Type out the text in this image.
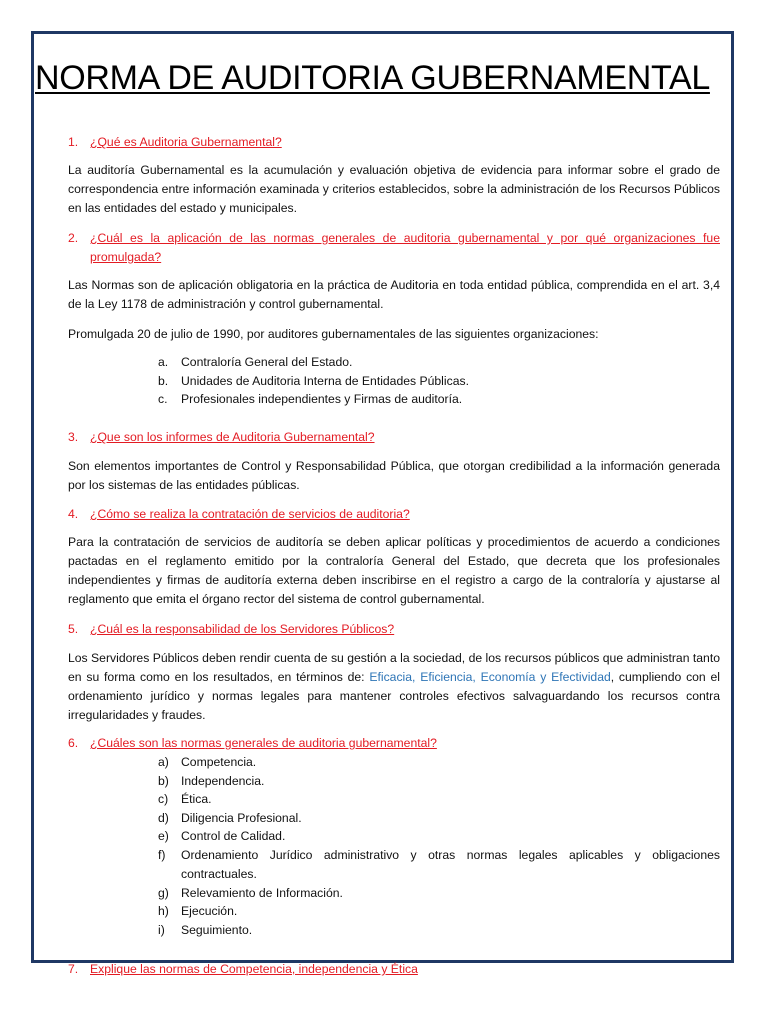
NORMA DE AUDITORIA GUBERNAMENTAL
1. ¿Qué es Auditoria Gubernamental?
La auditoría Gubernamental es la acumulación y evaluación objetiva de evidencia para informar sobre el grado de correspondencia entre información examinada y criterios establecidos, sobre la administración de los Recursos Públicos en las entidades del estado y municipales.
2. ¿Cuál es la aplicación de las normas generales de auditoria gubernamental y por qué organizaciones fue promulgada?
Las Normas son de aplicación obligatoria en la práctica de Auditoria en toda entidad pública, comprendida en el art. 3,4 de la Ley 1178 de administración y control gubernamental.
Promulgada 20 de julio de 1990, por auditores gubernamentales de las siguientes organizaciones:
a. Contraloría General del Estado.
b. Unidades de Auditoria Interna de Entidades Públicas.
c. Profesionales independientes y Firmas de auditoría.
3. ¿Que son los informes de Auditoria Gubernamental?
Son elementos importantes de Control y Responsabilidad Pública, que otorgan credibilidad a la información generada por los sistemas de las entidades públicas.
4. ¿Cómo se realiza la contratación de servicios de auditoria?
Para la contratación de servicios de auditoría se deben aplicar políticas y procedimientos de acuerdo a condiciones pactadas en el reglamento emitido por la contraloría General del Estado, que decreta que los profesionales independientes y firmas de auditoría externa deben inscribirse en el registro a cargo de la contraloría y ajustarse al reglamento que emita el órgano rector del sistema de control gubernamental.
5. ¿Cuál es la responsabilidad de los Servidores Públicos?
Los Servidores Públicos deben rendir cuenta de su gestión a la sociedad, de los recursos públicos que administran tanto en su forma como en los resultados, en términos de: Eficacia, Eficiencia, Economía y Efectividad, cumpliendo con el ordenamiento jurídico y normas legales para mantener controles efectivos salvaguardando los recursos contra irregularidades y fraudes.
6. ¿Cuáles son las normas generales de auditoria gubernamental?
a) Competencia.
b) Independencia.
c) Ética.
d) Diligencia Profesional.
e) Control de Calidad.
f) Ordenamiento Jurídico administrativo y otras normas legales aplicables y obligaciones contractuales.
g) Relevamiento de Información.
h) Ejecución.
i) Seguimiento.
7. Explique las normas de Competencia, independencia y Ética
